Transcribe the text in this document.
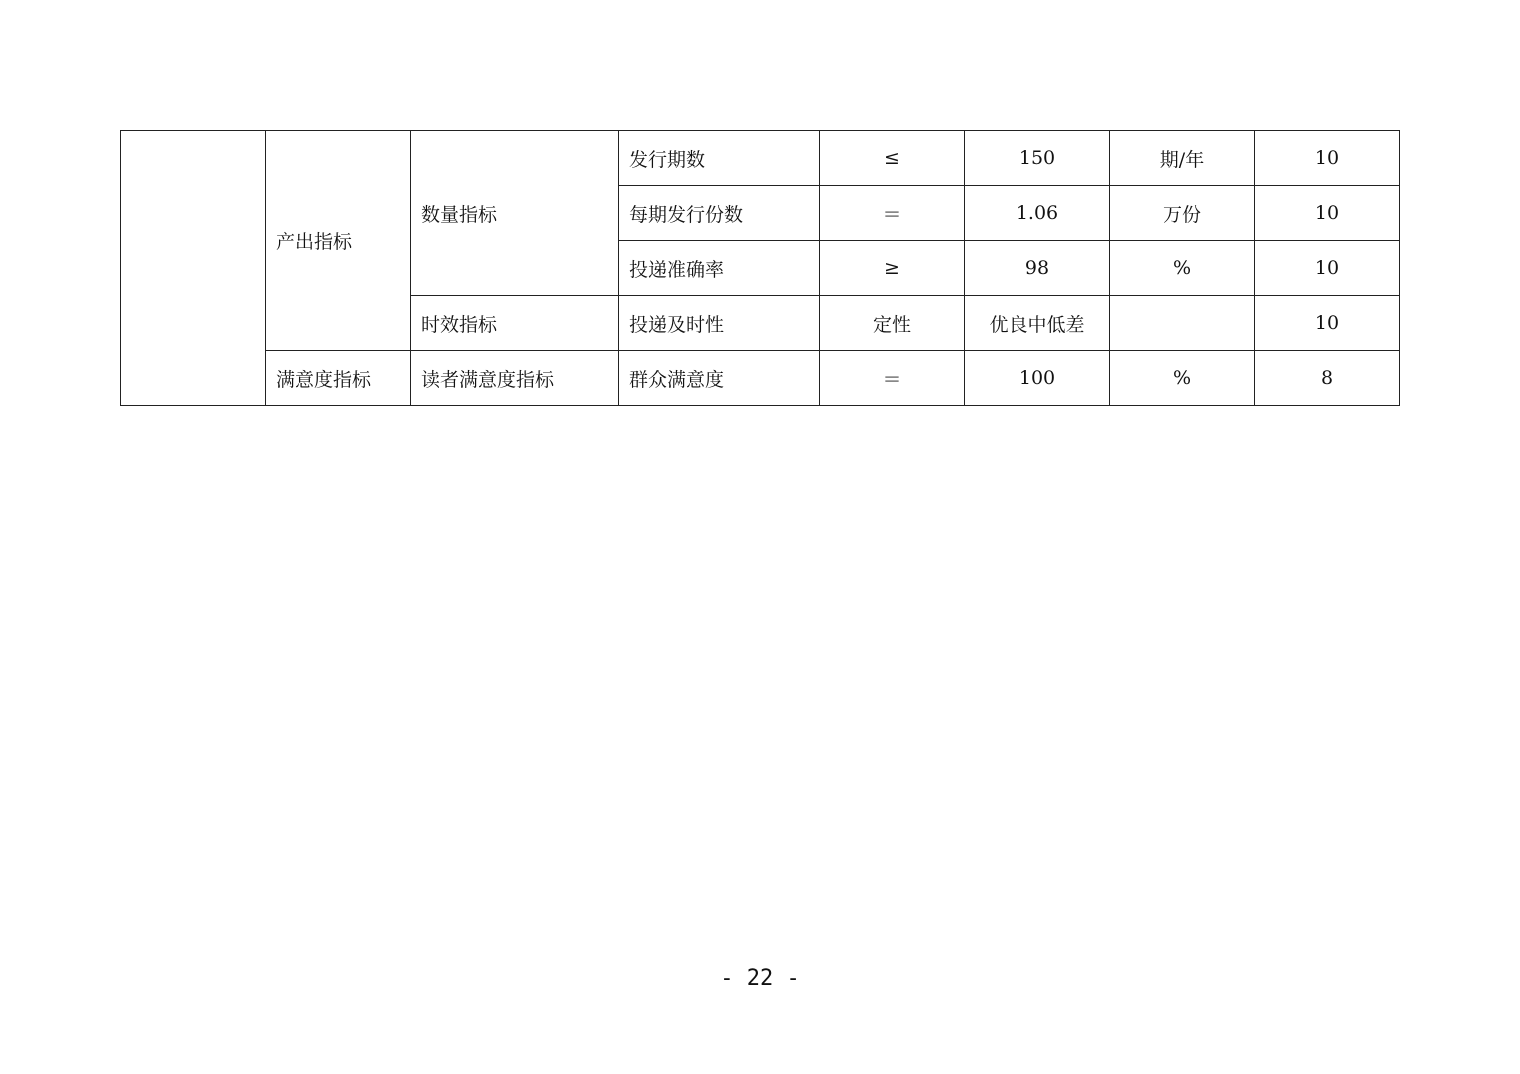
	产出指标	数量指标	发行期数	≤	150	期/年	10
			每期发行份数	＝	1.06	万份	10
			投递准确率	≥	98	%	10
		时效指标	投递及时性	定性	优良中低差		10
	满意度指标	读者满意度指标	群众满意度	＝	100	%	8
- 22 -
